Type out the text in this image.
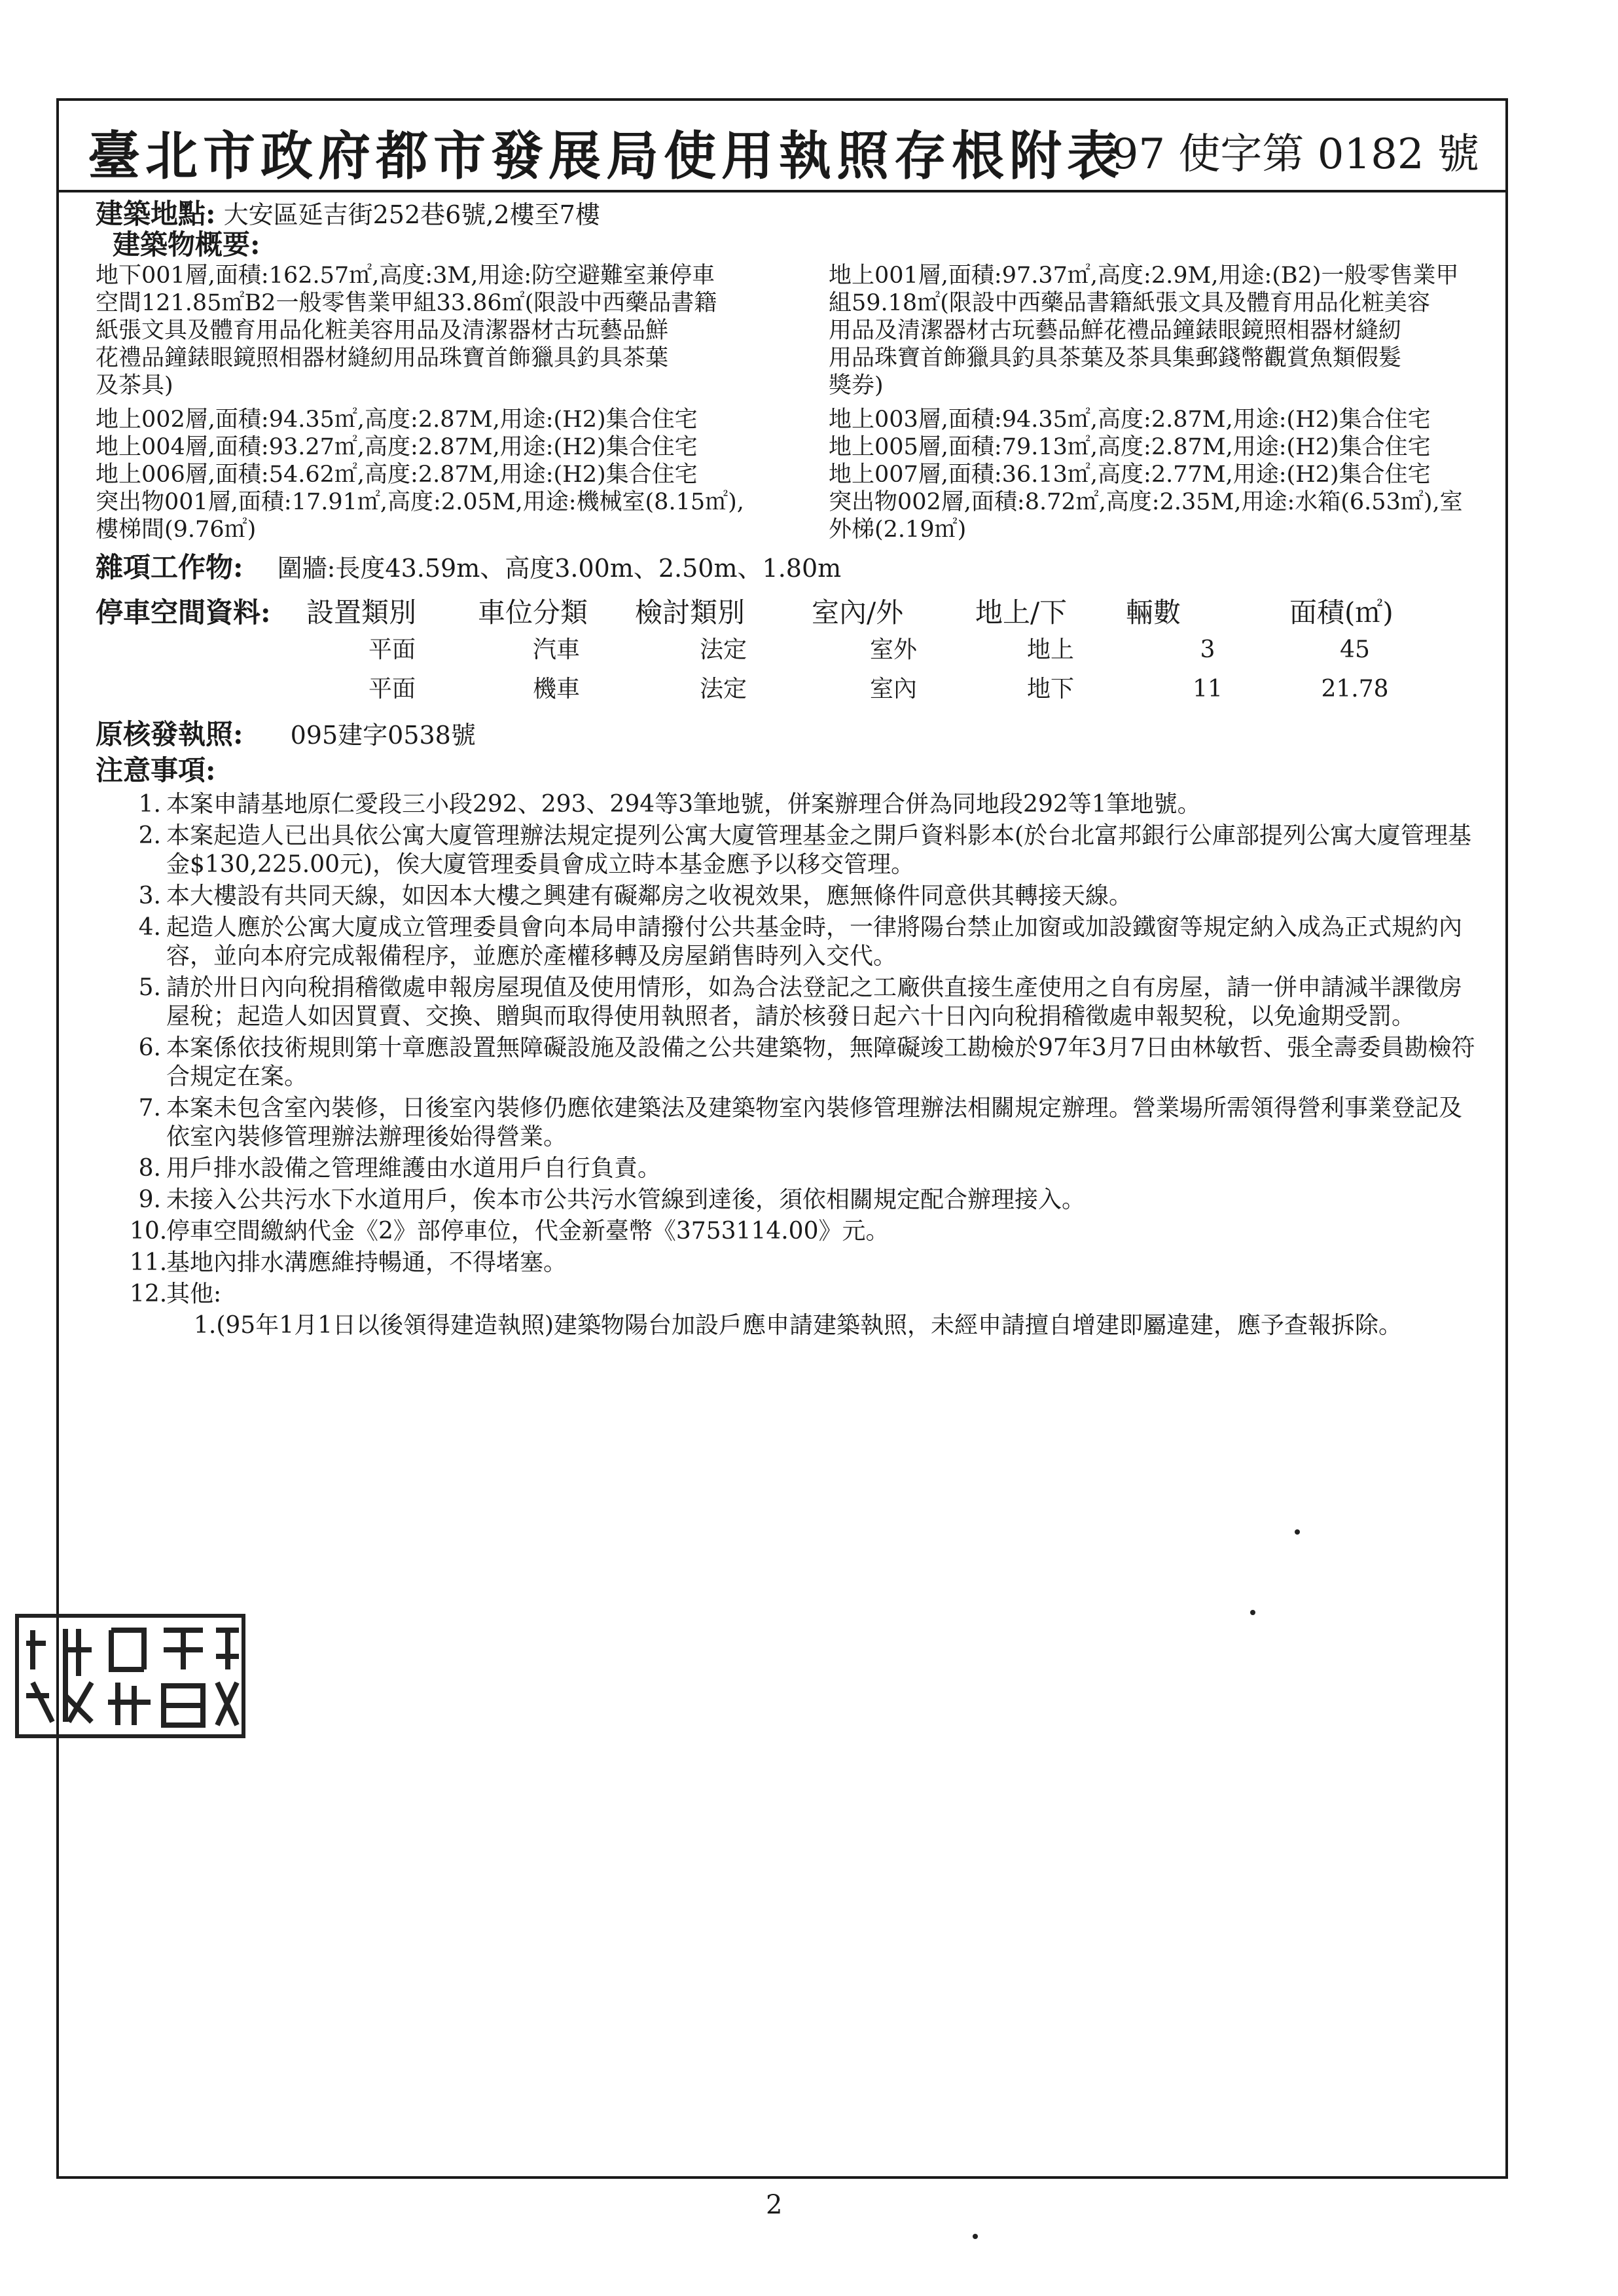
臺北市政府都市發展局使用執照存根附表
97 使字第 0182 號
建築地點: 大安區延吉街252巷6號,2樓至7樓
建築物概要:

地下001層,面積:162.57㎡,高度:3M,用途:防空避難室兼停車

空間121.85㎡B2一般零售業甲組33.86㎡(限設中西藥品書籍

紙張文具及體育用品化粧美容用品及清潔器材古玩藝品鮮

花禮品鐘錶眼鏡照相器材縫紉用品珠寶首飾獵具釣具茶葉

及茶具)

地上002層,面積:94.35㎡,高度:2.87M,用途:(H2)集合住宅

地上004層,面積:93.27㎡,高度:2.87M,用途:(H2)集合住宅

地上006層,面積:54.62㎡,高度:2.87M,用途:(H2)集合住宅

突出物001層,面積:17.91㎡,高度:2.05M,用途:機械室(8.15㎡),

樓梯間(9.76㎡)

地上001層,面積:97.37㎡,高度:2.9M,用途:(B2)一般零售業甲

組59.18㎡(限設中西藥品書籍紙張文具及體育用品化粧美容

用品及清潔器材古玩藝品鮮花禮品鐘錶眼鏡照相器材縫紉

用品珠寶首飾獵具釣具茶葉及茶具集郵錢幣觀賞魚類假髮

獎券)

地上003層,面積:94.35㎡,高度:2.87M,用途:(H2)集合住宅

地上005層,面積:79.13㎡,高度:2.87M,用途:(H2)集合住宅

地上007層,面積:36.13㎡,高度:2.77M,用途:(H2)集合住宅

突出物002層,面積:8.72㎡,高度:2.35M,用途:水箱(6.53㎡),室

外梯(2.19㎡)

雜項工作物: 圍牆:長度43.59m、高度3.00m、2.50m、1.80m
停車空間資料:	設置類別	車位分類	檢討類別	室內/外	地上/下	輛數	面積(㎡)
平面	汽車	法定	室外	地上	3	45
平面	機車	法定	室內	地下	11	21.78
原核發執照: 095建字0538號
注意事項:
1. 本案申請基地原仁愛段三小段292、293、294等3筆地號，併案辦理合併為同地段292等1筆地號。
2. 本案起造人已出具依公寓大廈管理辦法規定提列公寓大廈管理基金之開戶資料影本(於台北富邦銀行公庫部提列公寓大廈管理基金$130,225.00元)，俟大廈管理委員會成立時本基金應予以移交管理。
3. 本大樓設有共同天線，如因本大樓之興建有礙鄰房之收視效果，應無條件同意供其轉接天線。
4. 起造人應於公寓大廈成立管理委員會向本局申請撥付公共基金時，一律將陽台禁止加窗或加設鐵窗等規定納入成為正式規約內容，並向本府完成報備程序，並應於產權移轉及房屋銷售時列入交代。
5. 請於卅日內向稅捐稽徵處申報房屋現值及使用情形，如為合法登記之工廠供直接生產使用之自有房屋，請一併申請減半課徵房屋稅；起造人如因買賣、交換、贈與而取得使用執照者，請於核發日起六十日內向稅捐稽徵處申報契稅，以免逾期受罰。
6. 本案係依技術規則第十章應設置無障礙設施及設備之公共建築物，無障礙竣工勘檢於97年3月7日由林敏哲、張全壽委員勘檢符合規定在案。
7. 本案未包含室內裝修，日後室內裝修仍應依建築法及建築物室內裝修管理辦法相關規定辦理。營業場所需領得營利事業登記及依室內裝修管理辦法辦理後始得營業。
8. 用戶排水設備之管理維護由水道用戶自行負責。
9. 未接入公共污水下水道用戶，俟本市公共污水管線到達後，須依相關規定配合辦理接入。
10.
停車空間繳納代金《2》部停車位，代金新臺幣《3753114.00》元。
11.
基地內排水溝應維持暢通，不得堵塞。
12.
其他:
1.(95年1月1日以後領得建造執照)建築物陽台加設戶應申請建築執照，未經申請擅自增建即屬違建，應予查報拆除。
2
